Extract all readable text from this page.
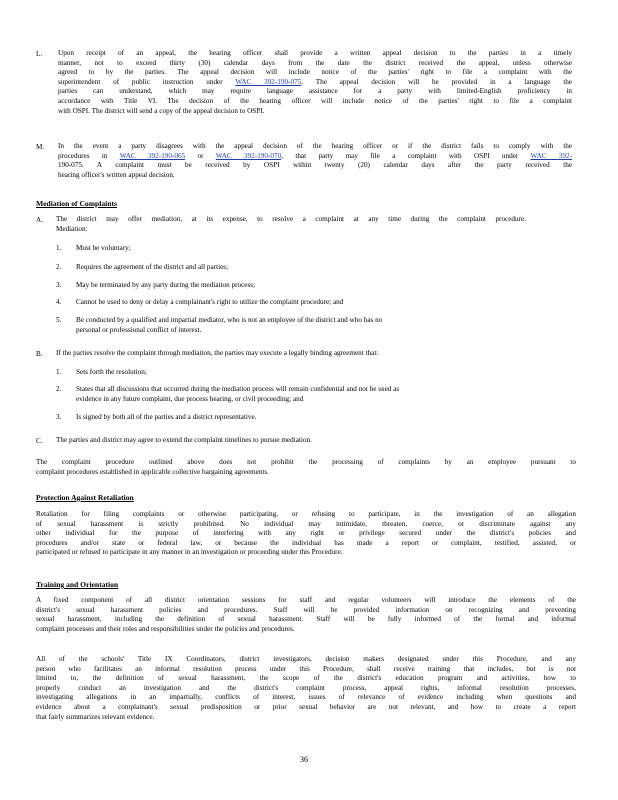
L. Upon receipt of an appeal, the hearing officer shall provide a written appeal decision to the parties in a timely
manner, not to exceed thirty (30) calendar days from the date the district received the appeal, unless otherwise
agreed to by the parties. The appeal decision will include notice of the parties' right to file a complaint with the
superintendent of public instruction under WAC 392-190-075. The appeal decision will be provided in a language the
parties can understand, which may require language assistance for a party with limited-English proficiency in
accordance with Title VI. The decision of the hearing officer will include notice of the parties' right to file a complaint
with OSPI. The district will send a copy of the appeal decision to OSPI.
M. In the event a party disagrees with the appeal decision of the hearing officer or if the district fails to comply with the
procedures in WAC 392-190-065 or WAC 392-190-070, that party may file a complaint with OSPI under WAC 392-
190-075. A complaint must be received by OSPI within twenty (20) calendar days after the party received the
hearing officer's written appeal decision.
Mediation of Complaints
A. The district may offer mediation, at its expense, to resolve a complaint at any time during the complaint procedure.
Mediation:
1. Must be voluntary;
2. Requires the agreement of the district and all parties;
3. May be terminated by any party during the mediation process;
4. Cannot be used to deny or delay a complainant's right to utilize the complaint procedure; and
5. Be conducted by a qualified and impartial mediator, who is not an employee of the district and who has no
personal or professional conflict of interest.
B. If the parties resolve the complaint through mediation, the parties may execute a legally binding agreement that:
1. Sets forth the resolution;
2. States that all discussions that occurred during the mediation process will remain confidential and not be used as
evidence in any future complaint, due process hearing, or civil proceeding; and
3. Is signed by both all of the parties and a district representative.
C. The parties and district may agree to extend the complaint timelines to pursue mediation.
The complaint procedure outlined above does not prohibit the processing of complaints by an employee pursuant to
complaint procedures established in applicable collective bargaining agreements.
Protection Against Retaliation
Retaliation for filing complaints or otherwise participating, or refusing to participate, in the investigation of an allegation
of sexual harassment is strictly prohibited. No individual may intimidate, threaten, coerce, or discriminate against any
other individual for the purpose of interfering with any right or privilege secured under the district's policies and
procedures and/or state or federal law, or because the individual has made a report or complaint, testified, assisted, or
participated or refused to participate in any manner in an investigation or proceeding under this Procedure.
Training and Orientation
A fixed component of all district orientation sessions for staff and regular volunteers will introduce the elements of the
district's sexual harassment policies and procedures. Staff will be provided information on recognizing and preventing
sexual harassment, including the definition of sexual harassment. Staff will be fully informed of the formal and informal
complaint processes and their roles and responsibilities under the policies and procedures.
All of the schools' Title IX Coordinators, district investigators, decision makers designated under this Procedure, and any
person who facilitates an informal resolution process under this Procedure, shall receive training that includes, but is not
limited to, the definition of sexual harassment, the scope of the district's education program and activities, how to
properly conduct an investigation and the district's complaint process, appeal rights, informal resolution processes,
investigating allegations in an impartially, conflicts of interest, issues of relevance of evidence including when questions and
evidence about a complainant's sexual predisposition or prior sexual behavior are not relevant, and how to create a report
that fairly summarizes relevant evidence.
36
